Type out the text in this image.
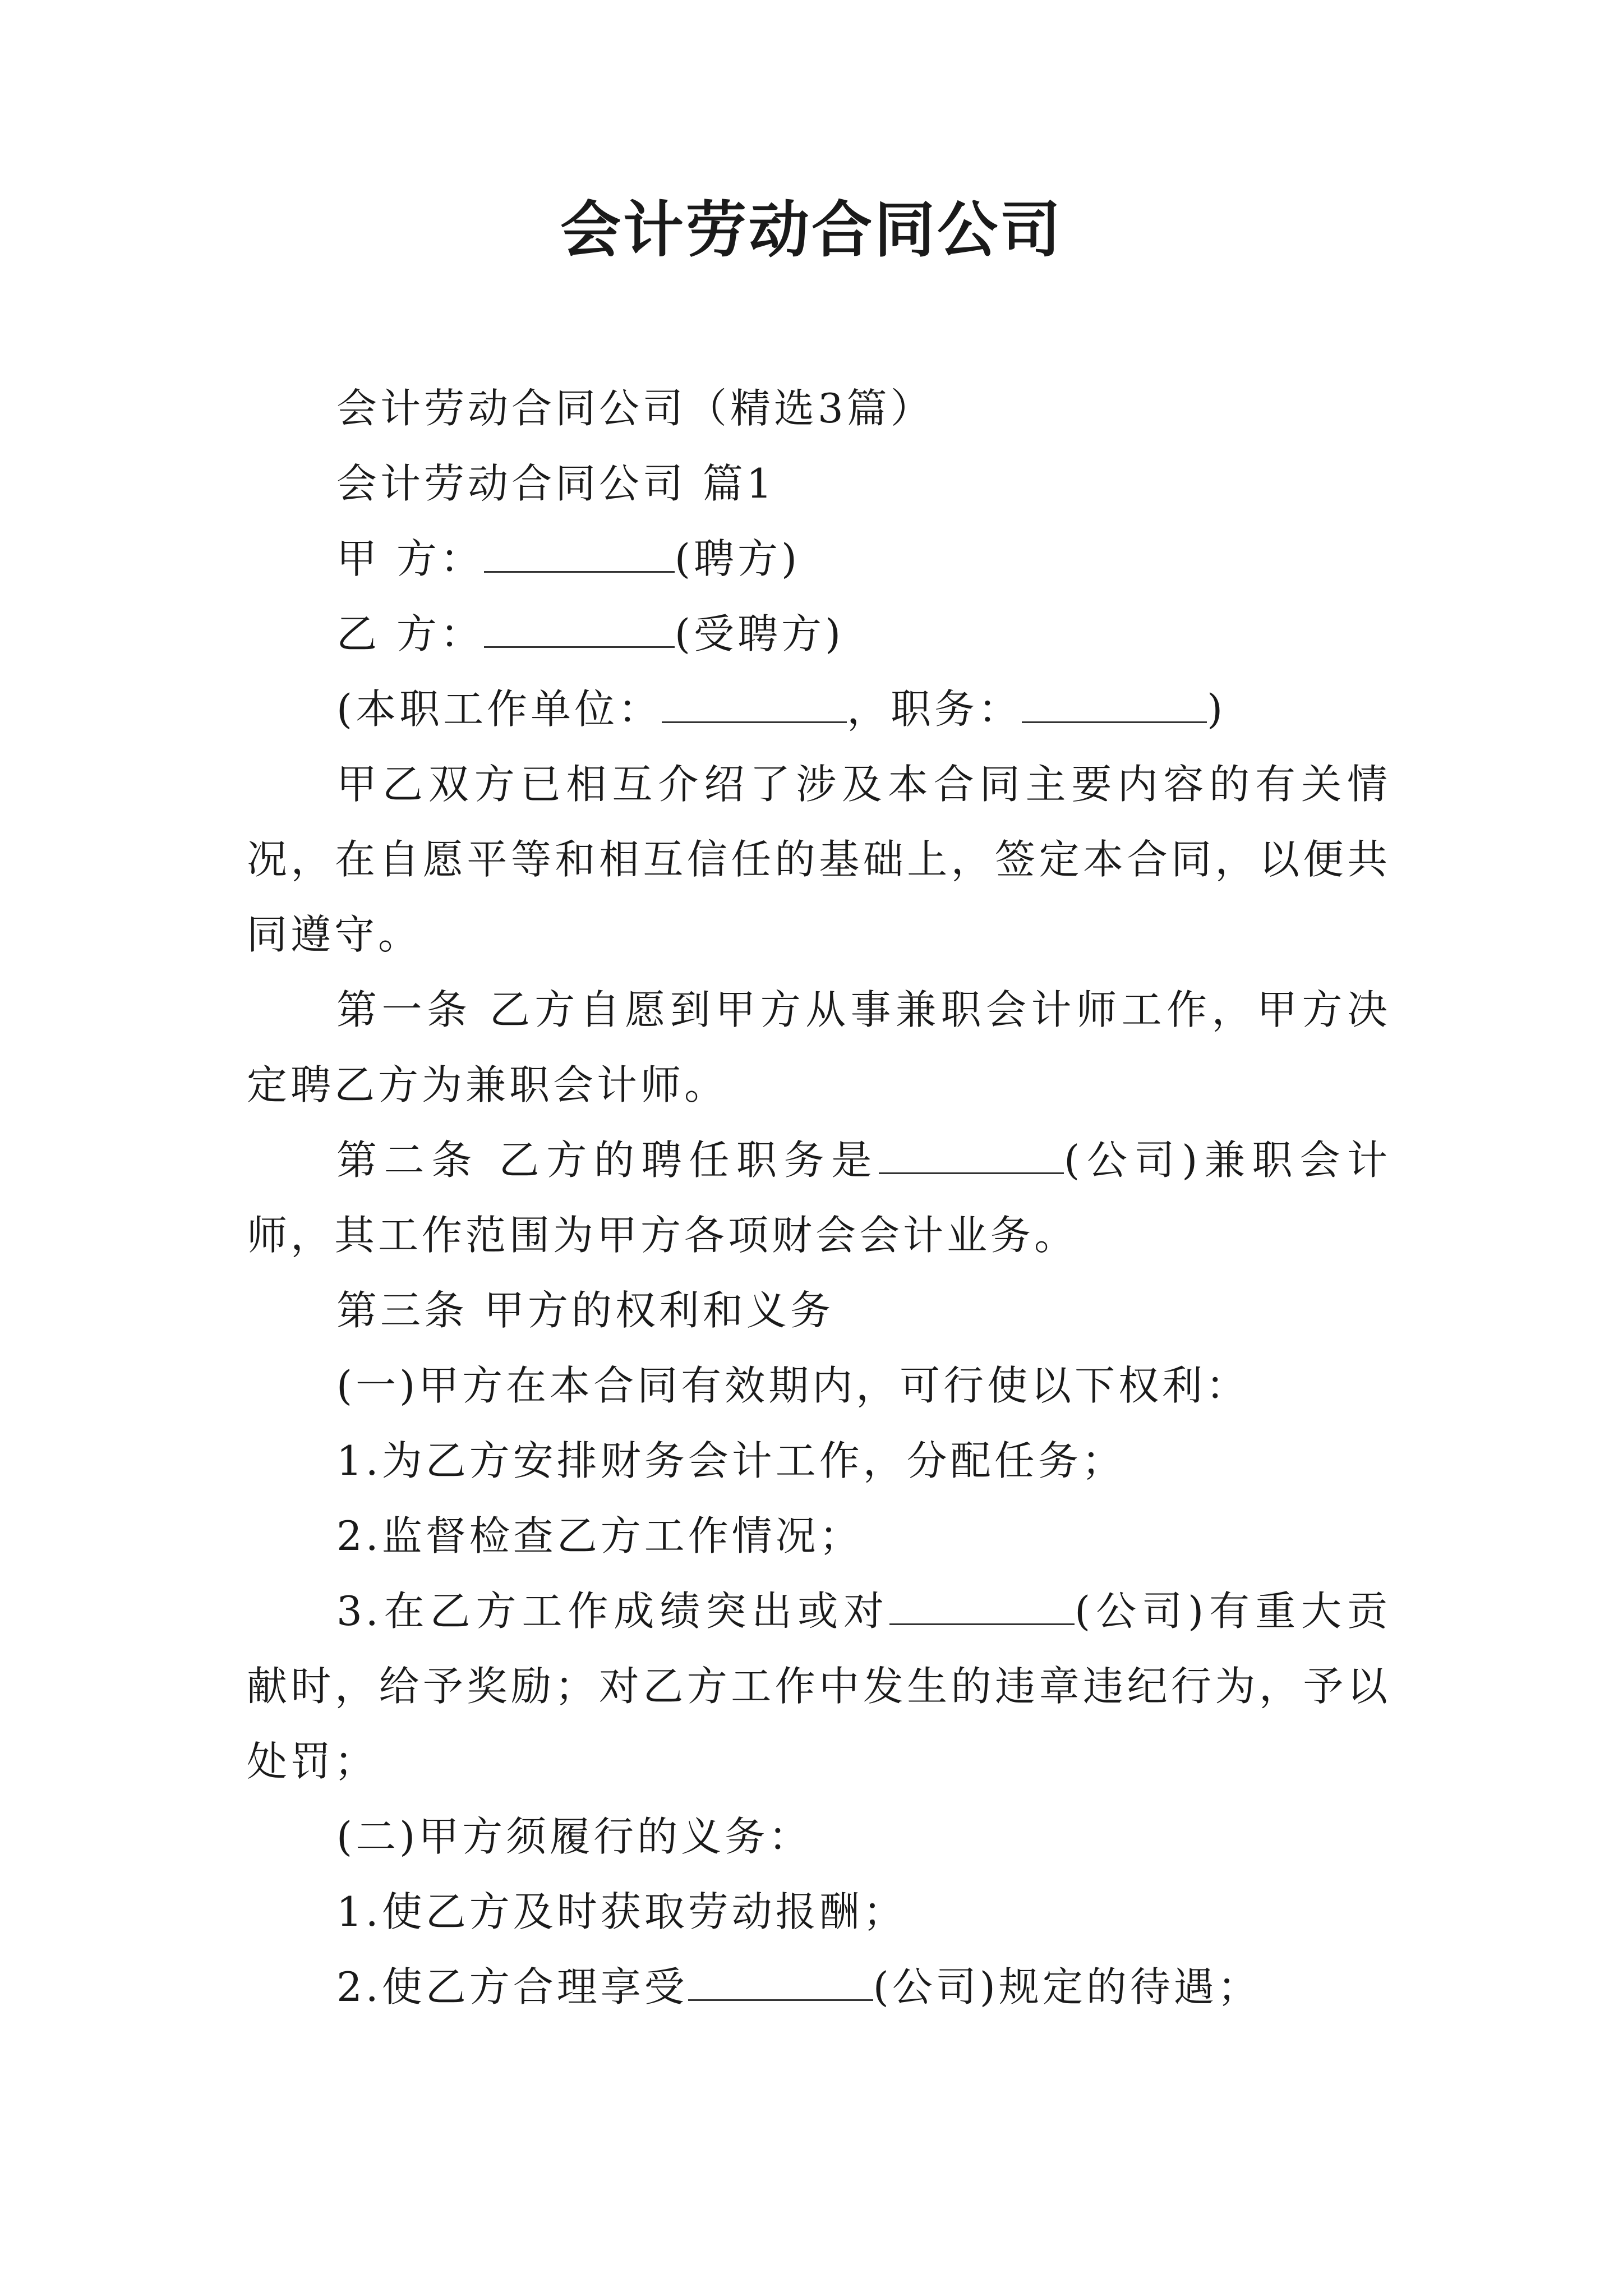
会计劳动合同公司

会计劳动合同公司（精选3篇）

会计劳动合同公司 篇1

甲 方：	(聘方)

乙 方：	(受聘方)

(本职工作单位：	，职务：	)

甲乙双方已相互介绍了涉及本合同主要内容的有关情况，在自愿平等和相互信任的基础上，签定本合同，以便共同遵守。

第一条 乙方自愿到甲方从事兼职会计师工作，甲方决定聘乙方为兼职会计师。

第二条 乙方的聘任职务是	(公司)兼职会计师，其工作范围为甲方各项财会会计业务。

第三条 甲方的权利和义务

(一)甲方在本合同有效期内，可行使以下权利：

1.为乙方安排财务会计工作，分配任务；

2.监督检查乙方工作情况；

3.在乙方工作成绩突出或对	(公司)有重大贡献时，给予奖励；对乙方工作中发生的违章违纪行为，予以处罚；

(二)甲方须履行的义务：

1.使乙方及时获取劳动报酬；

2.使乙方合理享受	(公司)规定的待遇；
